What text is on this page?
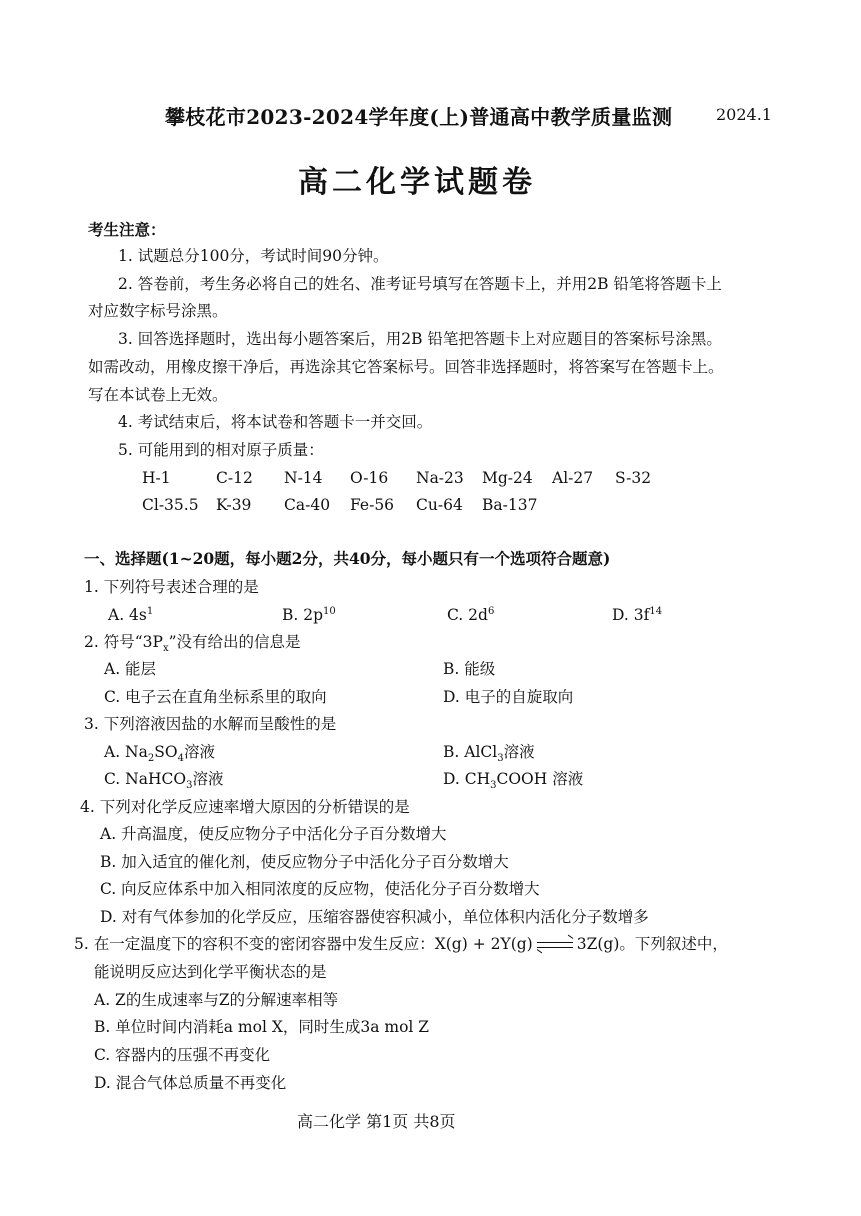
攀枝花市2023-2024学年度(上)普通高中教学质量监测	2024.1
高二化学试题卷
考生注意：
1. 试题总分100分，考试时间90分钟。
2. 答卷前，考生务必将自己的姓名、准考证号填写在答题卡上，并用2B 铅笔将答题卡上
对应数字标号涂黑。
3. 回答选择题时，选出每小题答案后，用2B 铅笔把答题卡上对应题目的答案标号涂黑。
如需改动，用橡皮擦干净后，再选涂其它答案标号。回答非选择题时，将答案写在答题卡上。
写在本试卷上无效。
4. 考试结束后，将本试卷和答题卡一并交回。
5. 可能用到的相对原子质量：
H-1	C-12 N-14 O-16 Na-23 Mg-24 Al-27 S-32
Cl-35.5 K-39 Ca-40 Fe-56 Cu-64 Ba-137
一、选择题(1~20题，每小题2分，共40分，每小题只有一个选项符合题意)
1. 下列符号表述合理的是
A. $4s^1$	B. $2p^{10}$	C. $2d^6$	D. $3f^{14}$
2. 符号“$3P_x$”没有给出的信息是
A. 能层	B. 能级
C. 电子云在直角坐标系里的取向	D. 电子的自旋取向
3. 下列溶液因盐的水解而呈酸性的是
A. $Na_2SO_4$溶液	B. AlCl$_3$溶液
C. NaHCO$_3$溶液	D. $CH_3COOH$ 溶液
4. 下列对化学反应速率增大原因的分析错误的是
A. 升高温度，使反应物分子中活化分子百分数增大
B. 加入适宜的催化剂，使反应物分子中活化分子百分数增大
C. 向反应体系中加入相同浓度的反应物，使活化分子百分数增大
D. 对有气体参加的化学反应，压缩容器使容积减小，单位体积内活化分子数增多
5. 在一定温度下的容积不变的密闭容器中发生反应：X(g) + 2Y(g)	3Z(g)。下列叙述中，
能说明反应达到化学平衡状态的是
A. Z的生成速率与Z的分解速率相等
B. 单位时间内消耗a mol X，同时生成3a mol Z
C. 容器内的压强不再变化
D. 混合气体总质量不再变化
高二化学 第1页 共8页
